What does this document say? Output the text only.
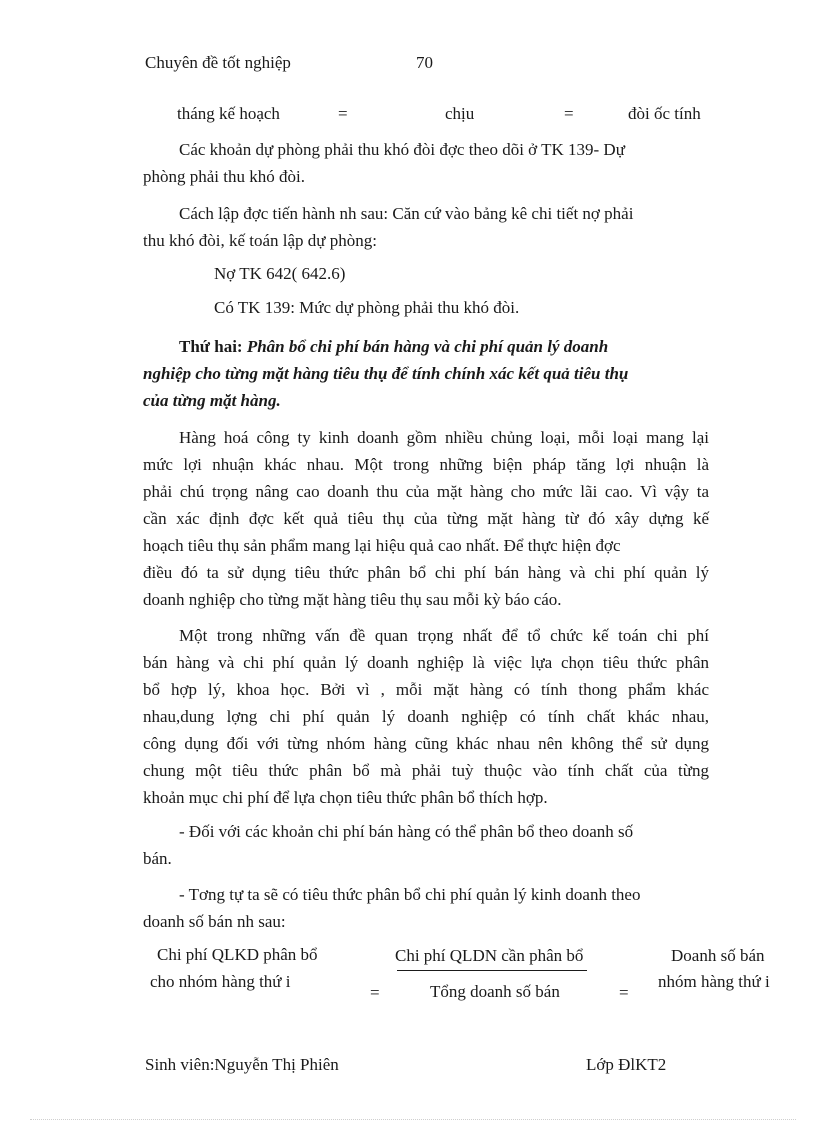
Chuyên đề tốt nghiệp	70
tháng kế hoạch	=	chịu	=	đòi ốc tính
Các khoản dự phòng phải thu khó đòi đợc theo dõi ở TK 139- Dự
phòng phải thu khó đòi.
Cách lập đợc tiến hành nh sau: Căn cứ vào bảng kê chi tiết nợ phải
thu khó đòi, kế toán lập dự phòng:
Nợ TK 642( 642.6)
Có TK 139: Mức dự phòng phải thu khó đòi.
Thứ hai: Phân bổ chi phí bán hàng và chi phí quản lý doanh
nghiệp cho từng mặt hàng tiêu thụ để tính chính xác kết quả tiêu thụ
của từng mặt hàng.
Hàng hoá công ty kinh doanh gồm nhiều chủng loại, mỗi loại mang lại
mức lợi nhuận khác nhau. Một trong những biện pháp tăng lợi nhuận là
phải chú trọng nâng cao doanh thu của mặt hàng cho mức lãi cao. Vì vậy ta
cần xác định đợc kết quả tiêu thụ của từng mặt hàng từ đó xây dựng kế
hoạch tiêu thụ sản phẩm mang lại hiệu quả cao nhất. Để thực hiện đợc
điều đó ta sử dụng tiêu thức phân bổ chi phí bán hàng và chi phí quản lý
doanh nghiệp cho từng mặt hàng tiêu thụ sau mỗi kỳ báo cáo.
Một trong những vấn đề quan trọng nhất để tổ chức kế toán chi phí
bán hàng và chi phí quản lý doanh nghiệp là việc lựa chọn tiêu thức phân
bổ hợp lý, khoa học. Bởi vì , mỗi mặt hàng có tính thong phẩm khác
nhau,dung lợng chi phí quản lý doanh nghiệp có tính chất khác nhau,
công dụng đối với từng nhóm hàng cũng khác nhau nên không thể sử dụng
chung một tiêu thức phân bổ mà phải tuỳ thuộc vào tính chất của từng
khoản mục chi phí để lựa chọn tiêu thức phân bổ thích hợp.
- Đối với các khoản chi phí bán hàng có thể phân bổ theo doanh số
bán.
- Tơng tự ta sẽ có tiêu thức phân bổ chi phí quản lý kinh doanh theo
doanh số bán nh sau:
Chi phí QLKD phân bổ
cho nhóm hàng thứ i
=
Chi phí QLDN cần phân bổ
Tổng doanh số bán	=
Doanh số bán
nhóm hàng thứ i
Sinh viên:Nguyễn Thị Phiên	Lớp ĐlKT2
